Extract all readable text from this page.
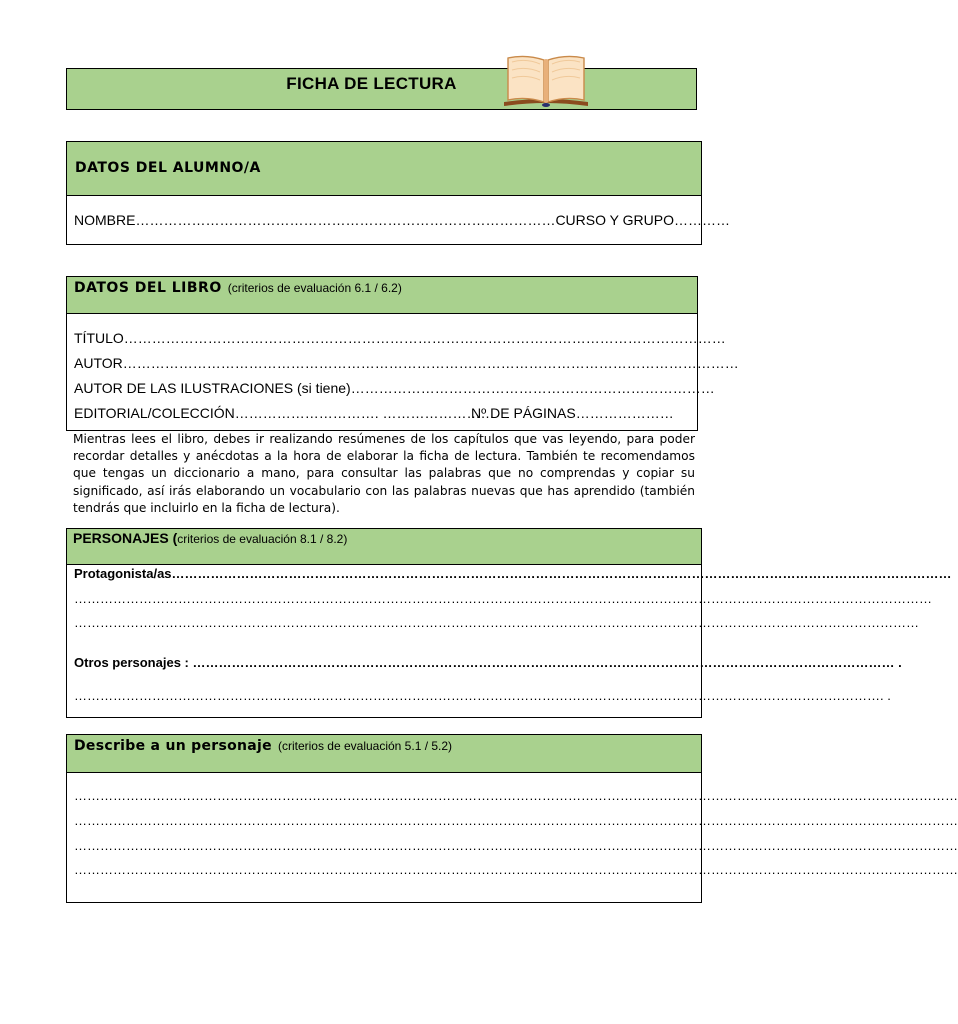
FICHA DE LECTURA
DATOS DEL ALUMNO/A
NOMBRE………………………………………………………………………………CURSO Y GRUPO…………
DATOS DEL LIBRO (criterios de evaluación 6.1 / 6.2)
TÍTULO…………………………………………………………………………………………………………………
AUTOR……………………………………………………………………………………………………………………
AUTOR DE LAS ILUSTRACIONES (si tiene)……………………………………………………………………
EDITORIAL/COLECCIÓN…………………………. ……………………
Nº DE PÁGINAS…………………
Mientras lees el libro, debes ir realizando resúmenes de los capítulos que vas leyendo, para poder recordar detalles y anécdotas a la hora de elaborar la ficha de lectura. También te recomendamos que tengas un diccionario a mano, para consultar las palabras que no comprendas y copiar su significado, así irás elaborando un vocabulario con las palabras nuevas que has aprendido (también tendrás que incluirlo en la ficha de lectura).
PERSONAJES (criterios de evaluación 8.1 / 8.2)
Protagonista/as………………………………………………………………………………………………………………………………………………………………
………………………………………………………………………………………………………………………………………………………………………………
……………………………………………………………………………………………………………………………………………………………………………
Otros personajes : ……………………………………………………………………………………………………………………………………………… .
……………………………………………………………………………………………………………………………………………………………………. .
Describe a un personaje (criterios de evaluación 5.1 / 5.2)
……………………………………………………………………………………………………………………………………………………………………………………
……………………………………………………………………………………………………………………………………………………………………………………
……………………………………………………………………………………………………………………………………………………………………………………
……………………………………………………………………………………………………………………………………………………………………………………
